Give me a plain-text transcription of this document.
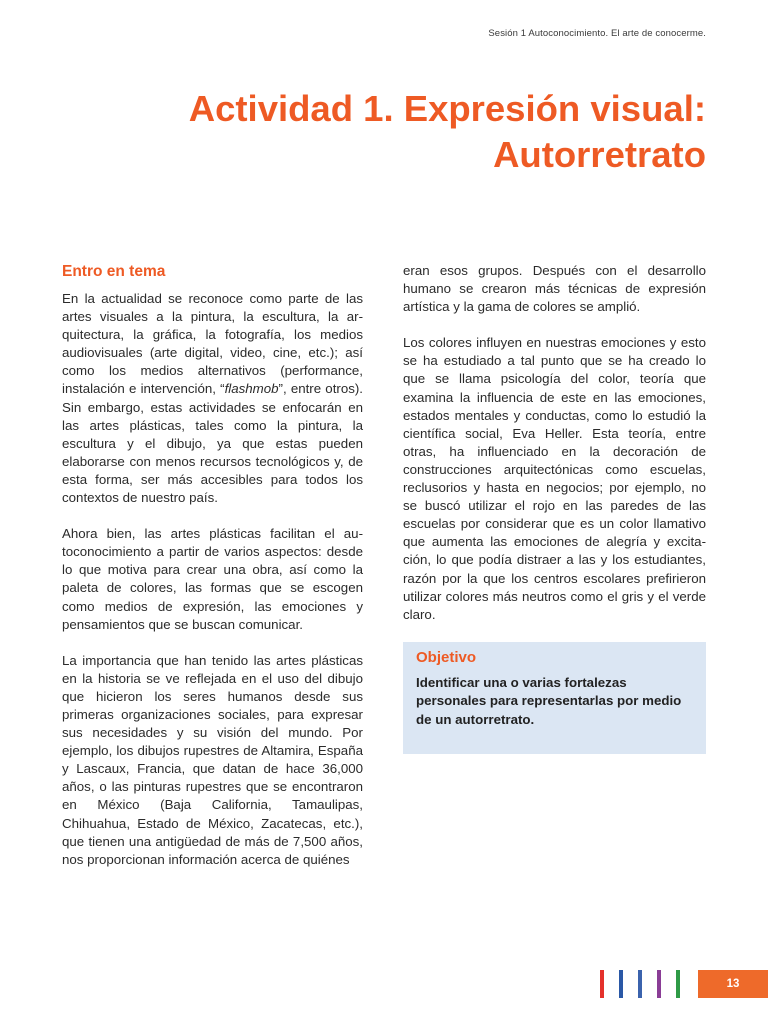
Sesión 1 Autoconocimiento. El arte de conocerme.
Actividad 1. Expresión visual:
Autorretrato
Entro en tema

En la actualidad se reconoce como parte de las artes visuales a la pintura, la escultura, la arquitectura, la gráfica, la fotografía, los medios audiovisuales (arte digital, video, cine, etc.); así como los medios alternativos (performance, instalación e intervención, “flashmob”, entre otros). Sin embargo, estas actividades se enfocarán en las artes plásticas, tales como la pintura, la escultura y el dibujo, ya que estas pueden elaborarse con menos recursos tecnológicos y, de esta forma, ser más accesibles para todos los contextos de nuestro país.

Ahora bien, las artes plásticas facilitan el autoconocimiento a partir de varios aspectos: desde lo que motiva para crear una obra, así como la paleta de colores, las formas que se escogen como medios de expresión, las emociones y pensamientos que se buscan comunicar.

La importancia que han tenido las artes plásticas en la historia se ve reflejada en el uso del dibujo que hicieron los seres humanos desde sus primeras organizaciones sociales, para expresar sus necesidades y su visión del mundo. Por ejemplo, los dibujos rupestres de Altamira, España y Lascaux, Francia, que datan de hace 36,000 años, o las pinturas rupestres que se encontraron en México (Baja California, Tamaulipas, Chihuahua, Estado de México, Zacatecas, etc.), que tienen una antigüedad de más de 7,500 años, nos proporcionan información acerca de quiénes

eran esos grupos. Después con el desarrollo humano se crearon más técnicas de expresión artística y la gama de colores se amplió.

Los colores influyen en nuestras emociones y esto se ha estudiado a tal punto que se ha creado lo que se llama psicología del color, teoría que examina la influencia de este en las emociones, estados mentales y conductas, como lo estudió la científica social, Eva Heller. Esta teoría, entre otras, ha influenciado en la decoración de construcciones arquitectónicas como escuelas, reclusorios y hasta en negocios; por ejemplo, no se buscó utilizar el rojo en las paredes de las escuelas por considerar que es un color llamativo que aumenta las emociones de alegría y excitación, lo que podía distraer a las y los estudiantes, razón por la que los centros escolares prefirieron utilizar colores más neutros como el gris y el verde claro.

Objetivo
Identificar una o varias fortalezas personales para representarlas por medio de un autorretrato.
13
